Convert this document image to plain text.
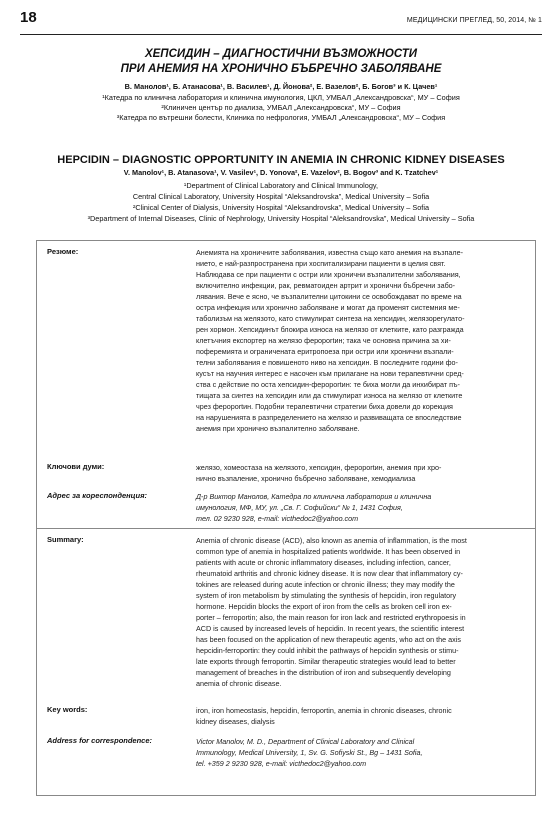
18	МЕДИЦИНСКИ ПРЕГЛЕД, 50, 2014, № 1
ХЕПСИДИН – ДИАГНОСТИЧНИ ВЪЗМОЖНОСТИ
ПРИ АНЕМИЯ НА ХРОНИЧНО БЪБРЕЧНО ЗАБОЛЯВАНЕ
В. Манолов¹, Б. Атанасова¹, В. Василев¹, Д. Йонова², Е. Вазелов², Б. Богов³ и К. Цачев¹
¹Катедра по клинична лаборатория и клинична имунология, ЦКЛ, УМБАЛ „Александровска“, МУ – София
²Клиничен център по диализа, УМБАЛ „Александровска“, МУ – София
³Катедра по вътрешни болести, Клиника по нефрология, УМБАЛ „Александровска“, МУ – София
HEPCIDIN – DIAGNOSTIC OPPORTUNITY IN ANEMIA IN CHRONIC KIDNEY DISEASES
V. Manolov¹, B. Atanasova¹, V. Vasilev¹, D. Yonova², E. Vazelov², B. Bogov³ and K. Tzatchev¹
¹Department of Clinical Laboratory and Clinical Immunology,
Central Clinical Laboratory, University Hospital “Aleksandrovska”, Medical University – Sofia
²Clinical Center of Dialysis, University Hospital “Aleksandrovska”, Medical University – Sofia
³Department of Internal Diseases, Clinic of Nephrology, University Hospital “Aleksandrovska”, Medical University – Sofia
Резюме:	Анемията на хроничните заболявания, известна също като анемия на възпале-
нието, е най-разпространена при хоспитализирани пациенти в целия свят.
Наблюдава се при пациенти с остри или хронични възпалителни заболявания,
включително инфекции, рак, ревматоиден артрит и хронични бъбречни забо-
лявания. Вече е ясно, че възпалителни цитокини се освобождават по време на
остра инфекция или хронично заболяване и могат да променят системния ме-
таболизъм на желязото, като стимулират синтеза на хепсидин, желязорегулато-
рен хормон. Хепсидинът блокира износа на желязо от клетките, като разгражда
клетъчния експортер на желязо фероportин; така че основна причина за хи-
поферемията и ограничената еритропоеза при остри или хронични възпали-
телни заболявания е повишеното ниво на хепсидин. В последните години фо-
кусът на научния интерес е насочен към прилагане на нови терапевтични сред-
ства с действие по оста хепсидин-фероportин: те биха могли да инхибират пъ-
тищата за синтез на хепсидин или да стимулират износа на желязо от клетките
чрез фероportин. Подобни терапевтични стратегии биха довели до корекция
на нарушенията в разпределението на желязо и развиващата се впоследствие
анемия при хронично възпалително заболяване.
Ключови думи:	желязо, хомеостаза на желязото, хепсидин, фероportин, анемия при хро-
нично възпаление, хронично бъбречно заболяване, хемодиализа
Адрес за кореспонденция:	Д-р Виктор Манолов, Катедра по клинична лаборатория и клинична
имунология, МФ, МУ, ул. „Св. Г. Софийски“ № 1, 1431 София,
тел. 02 9230 928, e-mail: victhedoc2@yahoo.com
Summary:	Anemia of chronic disease (ACD), also known as anemia of inflammation, is the most
common type of anemia in hospitalized patients worldwide. It has been observed in
patients with acute or chronic inflammatory diseases, including infection, cancer,
rheumatoid arthritis and chronic kidney disease. It is now clear that inflammatory cy-
tokines are released during acute infection or chronic illness; they may modify the
system of iron metabolism by stimulating the synthesis of hepcidin, iron regulatory
hormone. Hepcidin blocks the export of iron from the cells as broken cell iron ex-
porter – ferroportin; also, the main reason for iron lack and restricted erythropoesis in
ACD is caused by increased levels of hepcidin. In recent years, the scientific interest
has been focused on the application of new therapeutic agents, who act on the axis
hepcidin-ferroportin: they could inhibit the pathways of hepcidin synthesis or stimu-
late exports through ferroportin. Similar therapeutic strategies would lead to better
management of breaches in the distribution of iron and subsequently developing
anemia of chronic disease.
Key words:	iron, iron homeostasis, hepcidin, ferroportin, anemia in chronic diseases, chronic
kidney diseases, dialysis
Address for correspondence:	Victor Manolov, M. D., Department of Clinical Laboratory and Clinical
Immunology, Medical University, 1, Sv. G. Sofiyski St., Bg – 1431 Sofia,
tel. +359 2 9230 928, e-mail: victhedoc2@yahoo.com
